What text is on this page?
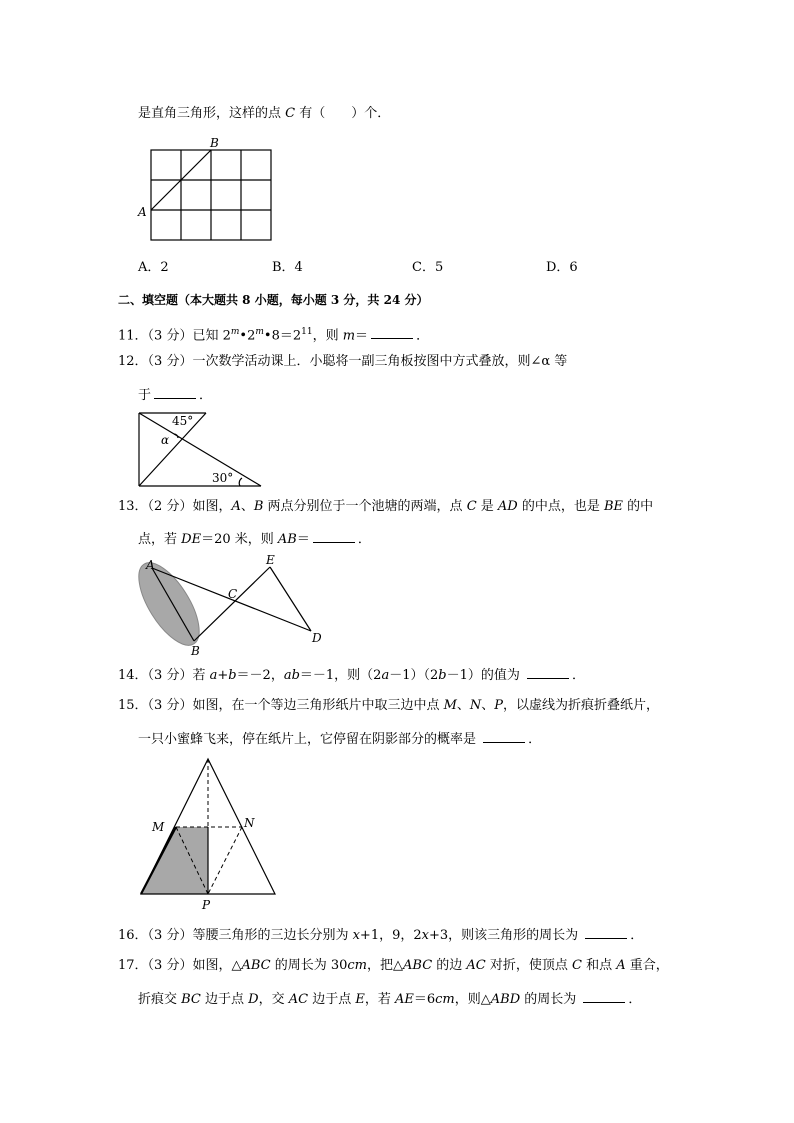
是直角三角形，这样的点 C 有（　　）个．
A
B
A．2	B．4	C．5	D．6
二、填空题（本大题共 8 小题，每小题 3 分，共 24 分）
11．（3 分）已知 $2^m•2^m•8=2^{11}$，则 m＝	．
12．（3 分）一次数学活动课上．小聪将一副三角板按图中方式叠放，则∠α 等
于	．
45°
α
30°
13．（2 分）如图，A、B 两点分别位于一个池塘的两端，点 C 是 AD 的中点，也是 BE 的中
点，若 DE＝20 米，则 AB＝	．
A
B
C
D
E
14．（3 分）若 a+b＝－2，ab＝－1，则（2a－1）（2b－1）的值为	．
15．（3 分）如图，在一个等边三角形纸片中取三边中点 M、N、P，以虚线为折痕折叠纸片，
一只小蜜蜂飞来，停在纸片上，它停留在阴影部分的概率是	．
M	N
P
16．（3 分）等腰三角形的三边长分别为 x+1，9，2x+3，则该三角形的周长为	．
17．（3 分）如图，△ABC 的周长为 30cm，把△ABC 的边 AC 对折，使顶点 C 和点 A 重合，
折痕交 BC 边于点 D，交 AC 边于点 E，若 AE＝6cm，则△ABD 的周长为	．
